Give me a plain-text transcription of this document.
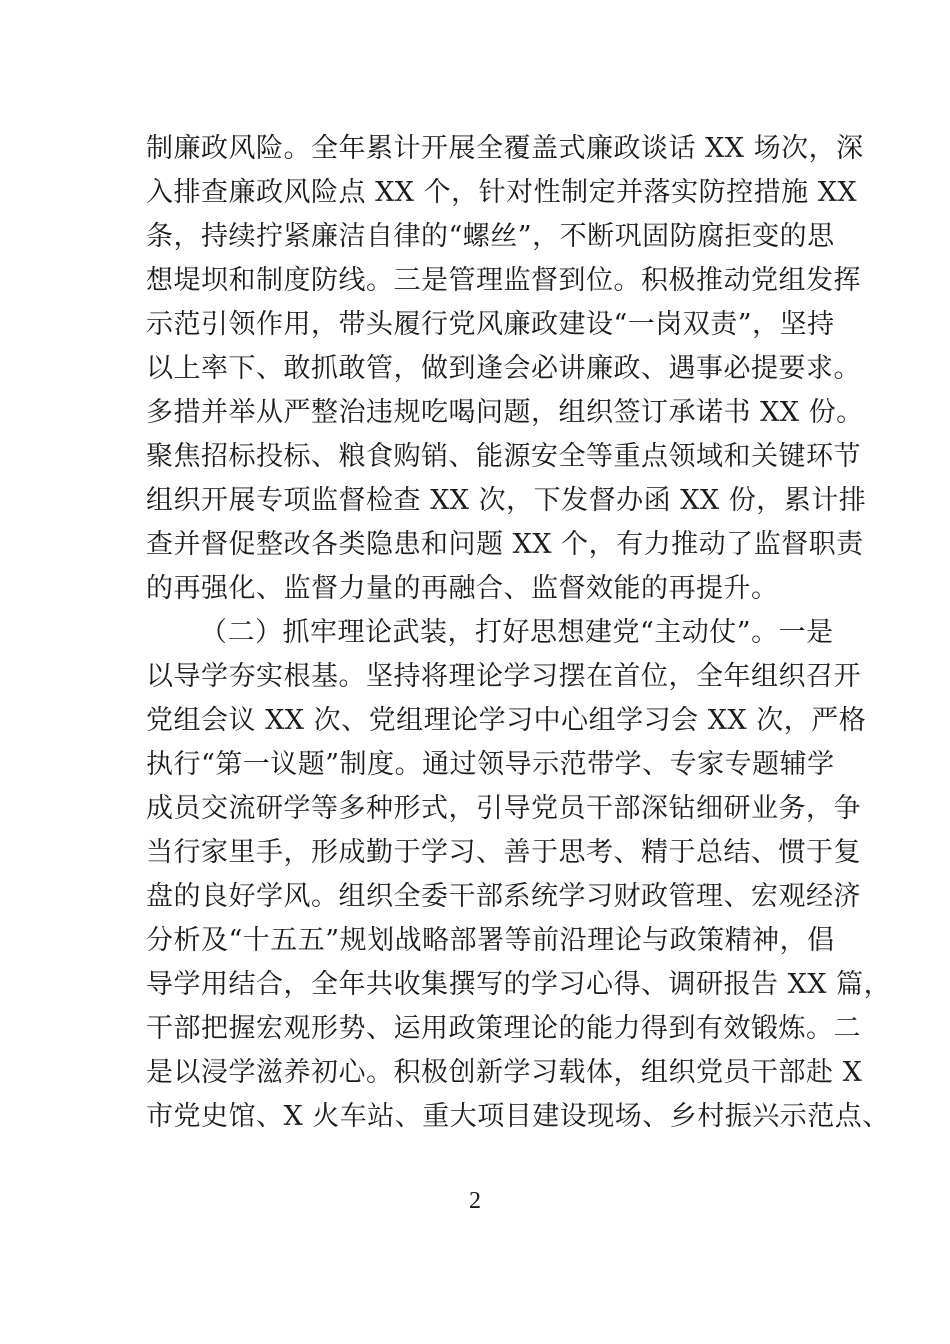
制廉政风险。全年累计开展全覆盖式廉政谈话 XX 场次，深
入排查廉政风险点 XX 个，针对性制定并落实防控措施 XX
条，持续拧紧廉洁自律的“螺丝”，不断巩固防腐拒变的思
想堤坝和制度防线。三是管理监督到位。积极推动党组发挥
示范引领作用，带头履行党风廉政建设“一岗双责”，坚持
以上率下、敢抓敢管，做到逢会必讲廉政、遇事必提要求。
多措并举从严整治违规吃喝问题，组织签订承诺书 XX 份。
聚焦招标投标、粮食购销、能源安全等重点领域和关键环节
组织开展专项监督检查 XX 次，下发督办函 XX 份，累计排
查并督促整改各类隐患和问题 XX 个，有力推动了监督职责
的再强化、监督力量的再融合、监督效能的再提升。
（二）抓牢理论武装，打好思想建党“主动仗”。一是
以导学夯实根基。坚持将理论学习摆在首位，全年组织召开
党组会议 XX 次、党组理论学习中心组学习会 XX 次，严格
执行“第一议题”制度。通过领导示范带学、专家专题辅学
成员交流研学等多种形式，引导党员干部深钻细研业务，争
当行家里手，形成勤于学习、善于思考、精于总结、惯于复
盘的良好学风。组织全委干部系统学习财政管理、宏观经济
分析及“十五五”规划战略部署等前沿理论与政策精神，倡
导学用结合，全年共收集撰写的学习心得、调研报告 XX 篇，
干部把握宏观形势、运用政策理论的能力得到有效锻炼。二
是以浸学滋养初心。积极创新学习载体，组织党员干部赴 X
市党史馆、X 火车站、重大项目建设现场、乡村振兴示范点、
2
